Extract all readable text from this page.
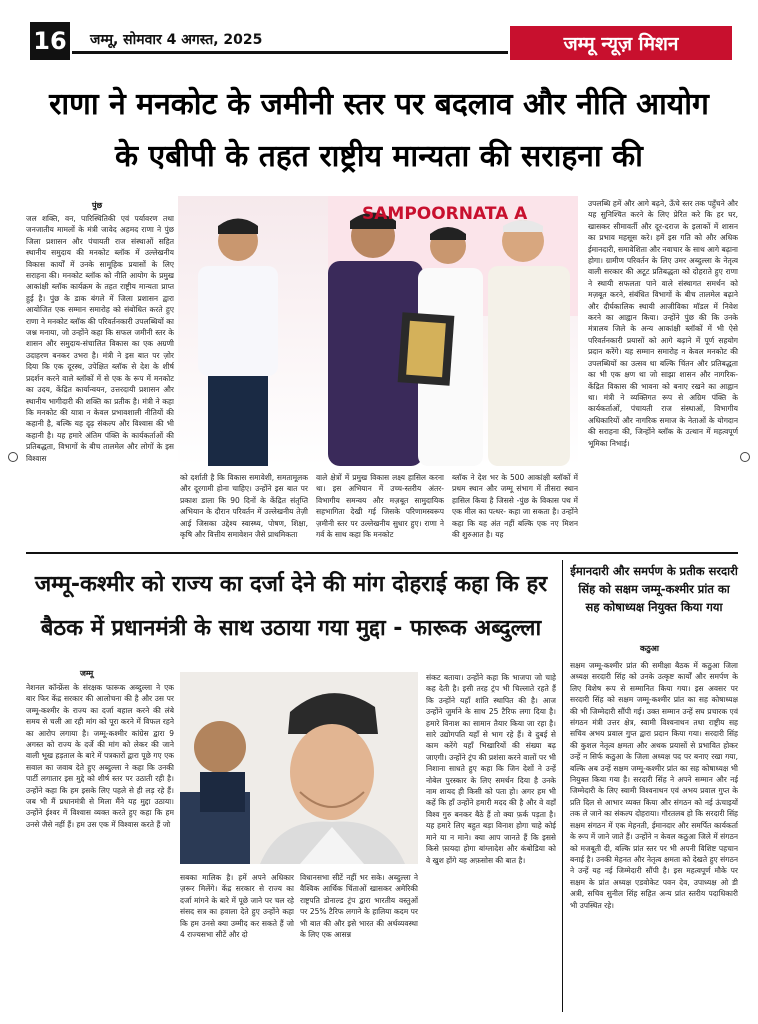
16 जम्मू, सोमवार 4 अगस्त, 2025	जम्मू न्यूज़ मिशन
राणा ने मनकोट के जमीनी स्तर पर बदलाव और नीति आयोग
के एबीपी के तहत राष्ट्रीय मान्यता की सराहना की
पुंछ
जल शक्ति, वन, पारिस्थितिकी एवं पर्यावरण तथा जनजातीय मामलों के मंत्री जावेद अहमद राणा ने पुंछ जिला प्रशासन और पंचायती राज संस्थाओं सहित स्थानीय समुदाय की मनकोट ब्लॉक में उल्लेखनीय विकास कार्यों में उनके सामूहिक प्रयासों के लिए सराहना की। मनकोट ब्लॉक को नीति आयोग के प्रमुख आकांक्षी ब्लॉक कार्यक्रम के तहत राष्ट्रीय मान्यता प्राप्त हुई है। पुंछ के डाक बंगले में जिला प्रशासन द्वारा आयोजित एक सम्मान समारोह को संबोधित करते हुए राणा ने मनकोट ब्लॉक की परिवर्तनकारी उपलब्धियों का जश्न मनाया, जो उन्होंने कहा कि सफल जमीनी स्तर के शासन और समुदाय-संचालित विकास का एक अग्रणी उदाहरण बनकर उभरा है। मंत्री ने इस बात पर ज़ोर दिया कि एक दूरस्थ, उपेक्षित ब्लॉक से देश के शीर्ष प्रदर्शन करने वाले ब्लॉकों में से एक के रूप में मनकोट का उदय, केंद्रित कार्यान्वयन, उत्तरदायी प्रशासन और स्थानीय भागीदारी की शक्ति का प्रतीक है। मंत्री ने कहा कि मनकोट की यात्रा न केवल प्रभावशाली नीतियों की कहानी है, बल्कि यह दृढ़ संकल्प और विश्वास की भी कहानी है। यह हमारे अंतिम पंक्ति के कार्यकर्ताओं की प्रतिबद्धता, विभागों के बीच तालमेल और लोगों के इस विश्वास
SAMPOORNATA A
को दर्शाती है कि विकास समावेशी, समतामूलक और दूरगामी होना चाहिए। उन्होंने इस बात पर प्रकाश डाला कि 90 दिनों के केंद्रित संतृप्ति अभियान के दौरान परिवर्तन में उल्लेखनीय तेज़ी आई जिसका उद्देश्य स्वास्थ्य, पोषण, शिक्षा, कृषि और वित्तीय समावेशन जैसे प्राथमिकता
वाले क्षेत्रों में प्रमुख विकास लक्ष्य हासिल करना था। इस अभियान में उच्च-स्तरीय अंतर-विभागीय समन्वय और मज़बूत सामुदायिक सहभागिता देखी गई जिसके परिणामस्वरूप ज़मीनी स्तर पर उल्लेखनीय सुधार हुए। राणा ने गर्व के साथ कहा कि मनकोट
ब्लॉक ने देश भर के 500 आकांक्षी ब्लॉकों में प्रथम स्थान और जम्मू संभाग में तीसरा स्थान हासिल किया है जिससे -पुंछ के विकास पथ में एक मील का पत्थर- कहा जा सकता है। उन्होंने कहा कि यह अंत नहीं बल्कि एक नए मिशन की शुरुआत है। यह
उपलब्धि हमें और आगे बढ़ने, ऊँचे स्तर तक पहुँचने और यह सुनिश्चित करने के लिए प्रेरित करे कि हर घर, खासकर सीमावर्ती और दूर-दराज के इलाकों में शासन का प्रभाव महसूस करे। हमें इस गति को और अधिक ईमानदारी, समावेशिता और नवाचार के साथ आगे बढ़ाना होगा। ग्रामीण परिवर्तन के लिए उमर अब्दुल्ला के नेतृत्व वाली सरकार की अटूट प्रतिबद्धता को दोहराते हुए राणा ने स्थायी सफलता पाने वाले संस्थागत समर्थन को मज़बूत करने, संबंधित विभागों के बीच तालमेल बढ़ाने और दीर्घकालिक स्थायी आजीविका मॉडल में निवेश करने का आह्वान किया। उन्होंने पुंछ की कि उनके मंत्रालय जिले के अन्य आकांक्षी ब्लॉकों में भी ऐसे परिवर्तनकारी प्रयासों को आगे बढ़ाने में पूर्ण सहयोग प्रदान करेंगे। यह सम्मान समारोह न केवल मनकोट की उपलब्धियों का उत्सव था बल्कि चिंतन और प्रतिबद्धता का भी एक क्षण था जो साझा शासन और नागरिक-केंद्रित विकास की भावना को बनाए रखने का आह्वान था। मंत्री ने व्यक्तिगत रूप से अग्रिम पंक्ति के कार्यकर्ताओं, पंचायती राज संस्थाओं, विभागीय अधिकारियों और नागरिक समाज के नेताओं के योगदान की सराहना की, जिन्होंने ब्लॉक के उत्थान में महत्वपूर्ण भूमिका निभाई।
जम्मू-कश्मीर को राज्य का दर्जा देने की मांग दोहराई कहा कि हर
बैठक में प्रधानमंत्री के साथ उठाया गया मुद्दा - फारूक अब्दुल्ला
ईमानदारी और समर्पण के प्रतीक सरदारी सिंह को सक्षम जम्मू-कश्मीर प्रांत का सह कोषाध्यक्ष नियुक्त किया गया
कठुआ
सक्षम जम्मू-कश्मीर प्रांत की समीक्षा बैठक में कठुआ जिला अध्यक्ष सरदारी सिंह को उनके उत्कृष्ट कार्यों और समर्पण के लिए विशेष रूप से सम्मानित किया गया। इस अवसर पर सरदारी सिंह को सक्षम जम्मू-कश्मीर प्रांत का सह कोषाध्यक्ष की भी जिम्मेदारी सौंपी गई। उक्त सम्मान उन्हें सघ प्रचारक एवं संगठन मंत्री उत्तर क्षेत्र, स्वामी विश्वनाथन तथा राष्ट्रीय सह सचिव अभय प्रवाल गुप्त द्वारा प्रदान किया गया। सरदारी सिंह की कुशल नेतृत्व क्षमता और अथक प्रयासों से प्रभावित होकर उन्हें न सिर्फ कठुआ के जिला अध्यक्ष पद पर बनाए रखा गया, बल्कि अब उन्हें सक्षम जम्मू-कश्मीर प्रांत का सह कोषाध्यक्ष भी नियुक्त किया गया है। सरदारी सिंह ने अपने सम्मान और नई जिम्मेदारी के लिए स्वामी विश्वनाथन एवं अभय प्रवाल गुप्त के प्रति दिल से आभार व्यक्त किया और संगठन को नई ऊंचाइयों तक ले जाने का संकल्प दोहराया। गौरतलब हो कि सरदारी सिंह सक्षम संगठन में एक मेहनती, ईमानदार और समर्पित कार्यकर्ता के रूप में जाने जाते हैं। उन्होंने न केवल कठुआ जिले में संगठन को मजबूती दी, बल्कि प्रांत स्तर पर भी अपनी विशिष्ट पहचान बनाई है। उनकी मेहनत और नेतृत्व क्षमता को देखते हुए संगठन ने उन्हें यह नई जिम्मेदारी सौंपी है। इस महत्वपूर्ण मौके पर सक्षम के प्रांत अध्यक्ष एडवोकेट पवन देव, उपाध्यक्ष ओ डी अत्री, सचिव सुनील सिंह सहित अन्य प्रांत स्तरीय पदाधिकारी भी उपस्थित रहे।
जम्मू
नेशनल कॉन्फ्रेंस के संरक्षक फारूक अब्दुल्ला ने एक बार फिर केंद्र सरकार की आलोचना की है और उस पर जम्मू-कश्मीर के राज्य का दर्जा बहाल करने की लंबे समय से चली आ रही मांग को पूरा करने में विफल रहने का आरोप लगाया है। जम्मू-कश्मीर कांग्रेस द्वारा 9 अगस्त को राज्य के दर्जे की मांग को लेकर की जाने वाली भूख हड़ताल के बारे में पत्रकारों द्वारा पूछे गए एक सवाल का जवाब देते हुए अब्दुल्ला ने कहा कि उनकी पार्टी लगातार इस मुद्दे को शीर्ष स्तर पर उठाती रही है। उन्होंने कहा कि हम इसके लिए पहले से ही लड़ रहे हैं। जब भी मैं प्रधानमंत्री से मिला मैंने यह मुद्दा उठाया। उन्होंने ईश्वर में विश्वास व्यक्त करते हुए कहा कि हम उनसे जैसे नहीं हैं। हम उस एक में विश्वास करते हैं जो
सबका मालिक है। हमें अपने अधिकार ज़रूर मिलेंगे। केंद्र सरकार से राज्य का दर्जा मांगने के बारे में पूछे जाने पर चल रहे संसद सत्र का हवाला देते हुए उन्होंने कहा कि हम उनसे क्या उम्मीद कर सकते हैं जो 4 राज्यसभा सीटें और दो
विधानसभा सीटें नहीं भर सके। अब्दुल्ला ने वैश्विक आर्थिक चिंताओं खासकर अमेरिकी राष्ट्रपति डोनाल्ड ट्रंप द्वारा भारतीय वस्तुओं पर 25% टैरिफ लगाने के हालिया कदम पर भी बात की और इसे भारत की अर्थव्यवस्था के लिए एक आसन्न
संकट बताया। उन्होंने कहा कि भाजपा जो चाहे कह देती है। इसी तरह ट्रंप भी चिल्लाते रहते हैं कि उन्होंने यहाँ शांति स्थापित की है। आज उन्होंने जुर्माने के साथ 25 टैरिफ लगा दिया है। हमारे विनाश का सामान तैयार किया जा रहा है। सारे उद्योगपति यहाँ से भाग रहे हैं। वे दुबई से काम करेंगे यहाँ भिखारियों की संख्या बढ़ जाएगी। उन्होंने ट्रंप की प्रशंसा करने वालों पर भी निशाना साधते हुए कहा कि जिन देशों ने उन्हें नोबेल पुरस्कार के लिए समर्थन दिया है उनके नाम शायद ही किसी को पता हो। अगर हम भी कहें कि हाँ उन्होंने हमारी मदद की है और वे वहाँ विश्व गुरु बनकर बैठे हैं तो क्या फ़र्क पड़ता है। यह हमारे लिए बहुत बड़ा विनाश होगा चाहे कोई माने या न माने। क्या आप जानते हैं कि इससे किसे फ़ायदा होगा बांग्लादेश और कंबोडिया को वे खुश होंगे यह अफ़सोस की बात है।
